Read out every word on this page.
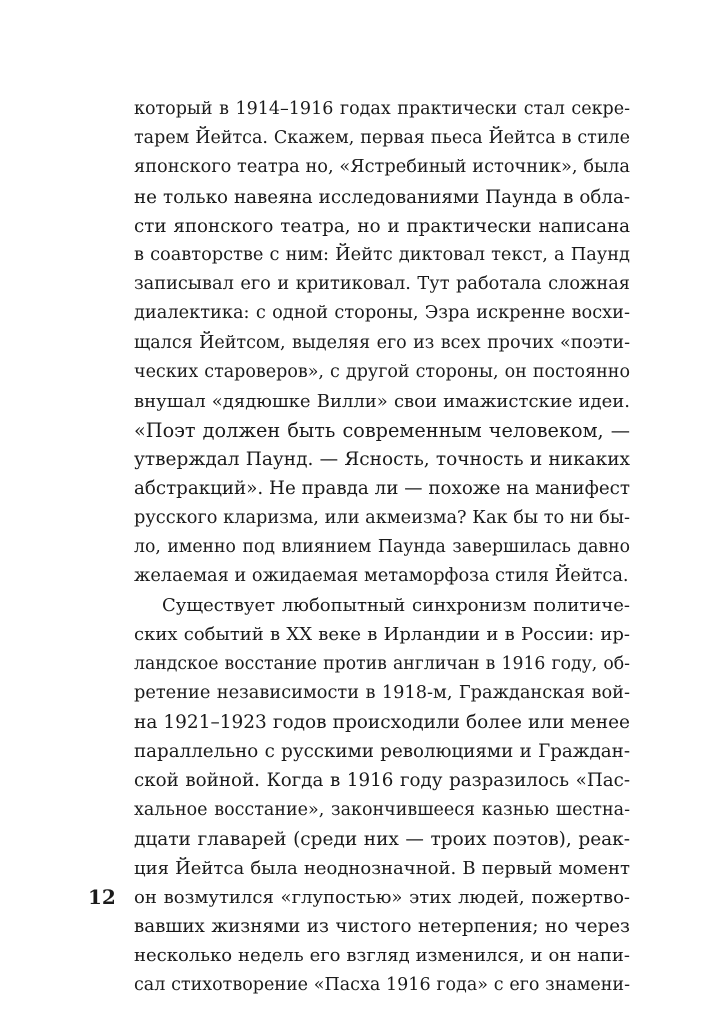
который в 1914–1916 годах практически стал секре-
тарем Йейтса. Скажем, первая пьеса Йейтса в стиле
японского театра но, «Ястребиный источник», была
не только навеяна исследованиями Паунда в обла-
сти японского театра, но и практически написана
в соавторстве с ним: Йейтс диктовал текст, а Паунд
записывал его и критиковал. Тут работала сложная
диалектика: с одной стороны, Эзра искренне восхи-
щался Йейтсом, выделяя его из всех прочих «поэти-
ческих староверов», с другой стороны, он постоянно
внушал «дядюшке Вилли» свои имажистские идеи.
«Поэт должен быть современным человеком, —
утверждал Паунд. — Ясность, точность и никаких
абстракций». Не правда ли — похоже на манифест
русского кларизма, или акмеизма? Как бы то ни бы-
ло, именно под влиянием Паунда завершилась давно
желаемая и ожидаемая метаморфоза стиля Йейтса.
Существует любопытный синхронизм политиче-
ских событий в XX веке в Ирландии и в России: ир-
ландское восстание против англичан в 1916 году, об-
ретение независимости в 1918-м, Гражданская вой-
на 1921–1923 годов происходили более или менее
параллельно с русскими революциями и Граждан-
ской войной. Когда в 1916 году разразилось «Пас-
хальное восстание», закончившееся казнью шестна-
дцати главарей (среди них — троих поэтов), реак-
ция Йейтса была неоднозначной. В первый момент
он возмутился «глупостью» этих людей, пожертво-
вавших жизнями из чистого нетерпения; но через
несколько недель его взгляд изменился, и он напи-
сал стихотворение «Пасха 1916 года» с его знамени-
12
